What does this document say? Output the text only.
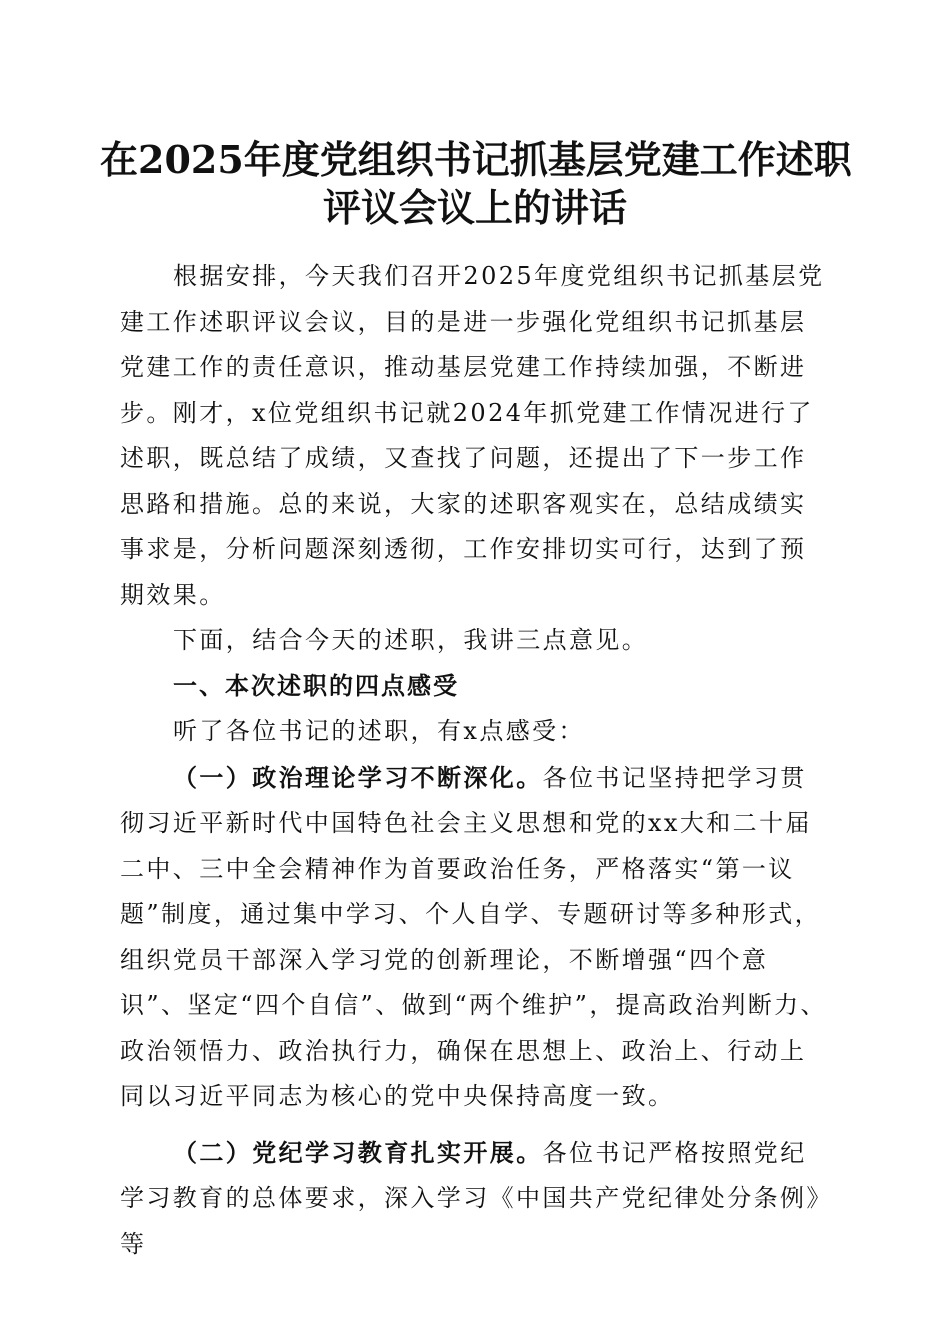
在2025年度党组织书记抓基层党建工作述职
评议会议上的讲话

根据安排，今天我们召开2025年度党组织书记抓基层党建工作述职评议会议，目的是进一步强化党组织书记抓基层党建工作的责任意识，推动基层党建工作持续加强，不断进步。刚才，x位党组织书记就2024年抓党建工作情况进行了述职，既总结了成绩，又查找了问题，还提出了下一步工作思路和措施。总的来说，大家的述职客观实在，总结成绩实事求是，分析问题深刻透彻，工作安排切实可行，达到了预期效果。

下面，结合今天的述职，我讲三点意见。

一、本次述职的四点感受

听了各位书记的述职，有x点感受：

（一）政治理论学习不断深化。各位书记坚持把学习贯彻习近平新时代中国特色社会主义思想和党的xx大和二十届二中、三中全会精神作为首要政治任务，严格落实“第一议题”制度，通过集中学习、个人自学、专题研讨等多种形式，组织党员干部深入学习党的创新理论，不断增强“四个意识”、坚定“四个自信”、做到“两个维护”，提高政治判断力、政治领悟力、政治执行力，确保在思想上、政治上、行动上同以习近平同志为核心的党中央保持高度一致。

（二）党纪学习教育扎实开展。各位书记严格按照党纪学习教育的总体要求，深入学习《中国共产党纪律处分条例》等
